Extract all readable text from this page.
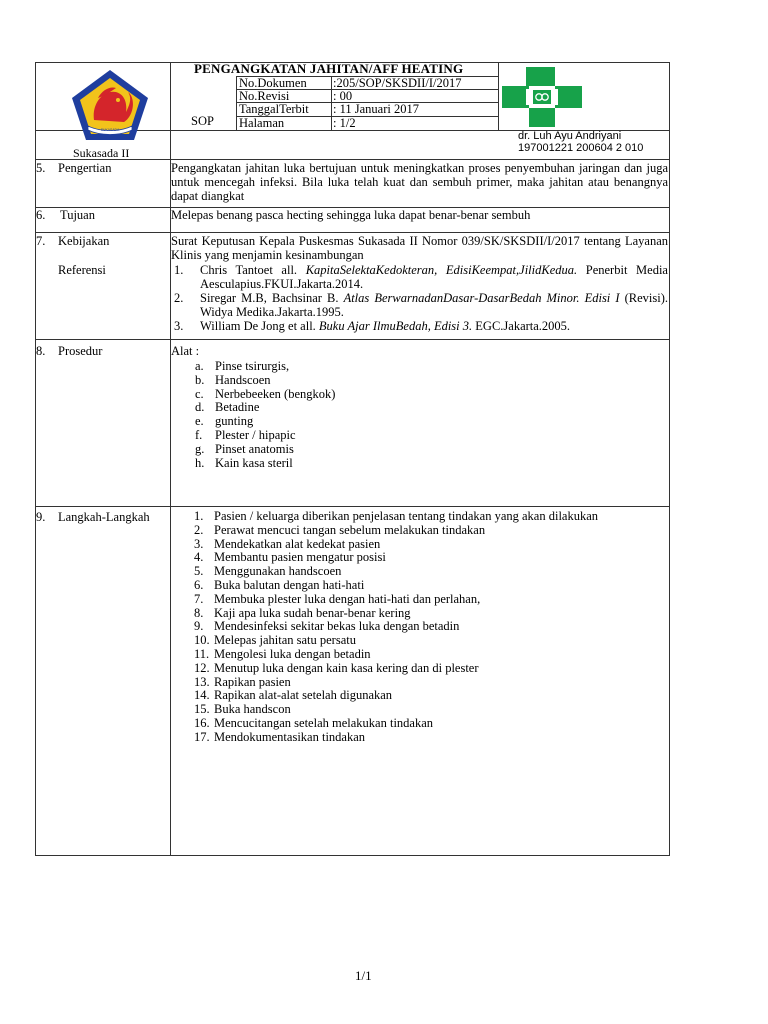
PENGANGKATAN JAHITAN/AFF HEATING
SOP
SUKASADA
Sukasada II
No.Dokumen :205/SOP/SKSDII/I/2017
No.Revisi	: 00
TanggalTerbit : 11 Januari 2017
Halaman	: 1/2
dr. Luh Ayu Andriyani
197001221 200604 2 010
5. Pengertian	Pengangkatan jahitan luka bertujuan untuk meningkatkan proses penyembuhan jaringan dan juga untuk mencegah infeksi. Bila luka telah kuat dan sembuh primer, maka jahitan atau benangnya dapat diangkat
6. Tujuan	Melepas benang pasca hecting sehingga luka dapat benar-benar sembuh
7. Kebijakan	Surat Keputusan Kepala Puskesmas Sukasada II Nomor 039/SK/SKSDII/I/2017 tentang Layanan Klinis yang menjamin kesinambungan
Referensi	1. Chris Tantoet all. KapitaSelektaKedokteran, EdisiKeempat,JilidKedua. Penerbit Media Aesculapius.FKUI.Jakarta.2014.
2. Siregar M.B, Bachsinar B. Atlas BerwarnadanDasar-DasarBedah Minor. Edisi I (Revisi). Widya Medika.Jakarta.1995.
3. William De Jong et all. Buku Ajar IlmuBedah, Edisi 3. EGC.Jakarta.2005.
8. Prosedur	Alat :
a. Pinse tsirurgis,
b. Handscoen
c. Nerbebeeken (bengkok)
d. Betadine
e. gunting
f. Plester / hipapic
g. Pinset anatomis
h. Kain kasa steril
9. Langkah-Langkah	1. Pasien / keluarga diberikan penjelasan tentang tindakan yang akan dilakukan
2. Perawat mencuci tangan sebelum melakukan tindakan
3. Mendekatkan alat kedekat pasien
4. Membantu pasien mengatur posisi
5. Menggunakan handscoen
6. Buka balutan dengan hati-hati
7. Membuka plester luka dengan hati-hati dan perlahan,
8. Kaji apa luka sudah benar-benar kering
9. Mendesinfeksi sekitar bekas luka dengan betadin
10. Melepas jahitan satu persatu
11. Mengolesi luka dengan betadin
12. Menutup luka dengan kain kasa kering dan di plester
13. Rapikan pasien
14. Rapikan alat-alat setelah digunakan
15. Buka handscon
16. Mencucitangan setelah melakukan tindakan
17. Mendokumentasikan tindakan
1/1
